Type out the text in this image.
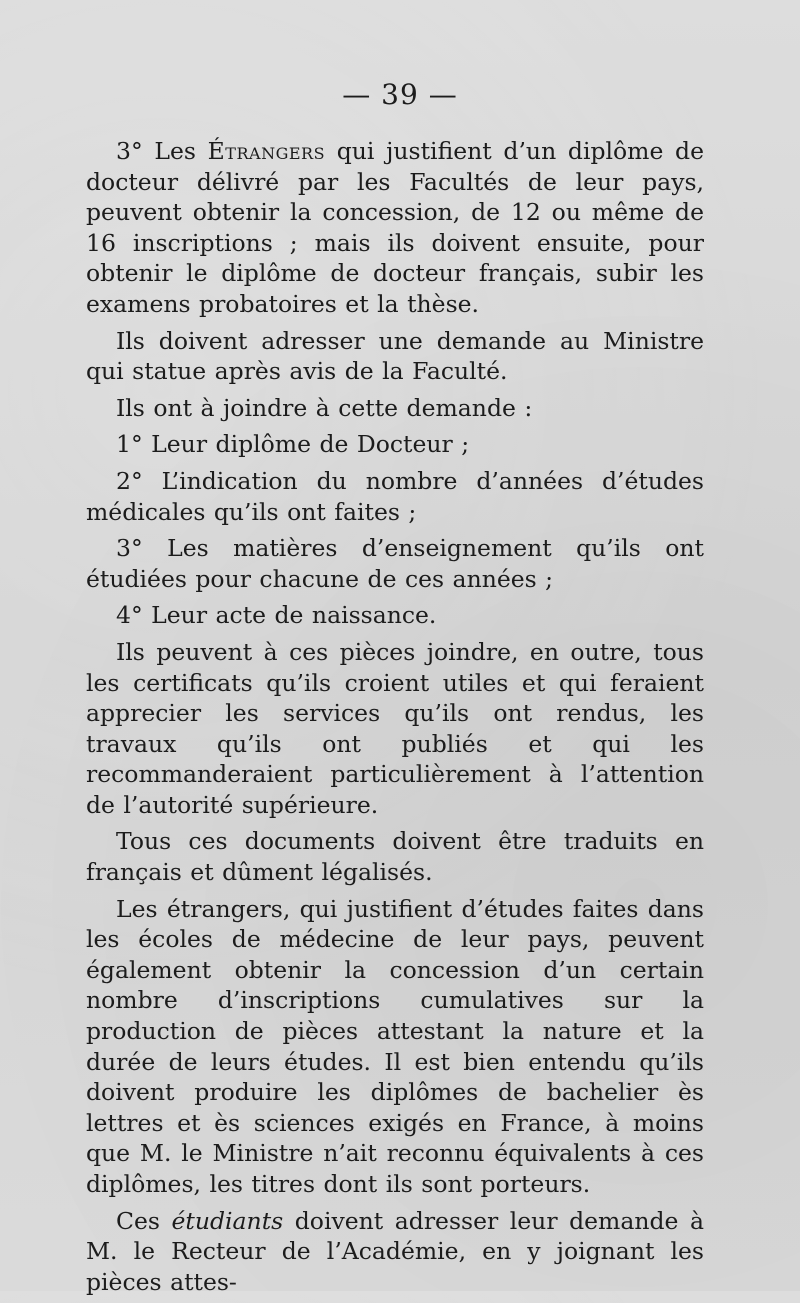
— 39 —

3° Les Étrangers qui justifient d’un diplôme de docteur délivré par les Facultés de leur pays, peuvent obtenir la concession, de 12 ou même de 16 inscriptions ; mais ils doivent ensuite, pour obtenir le diplôme de docteur français, subir les examens probatoires et la thèse.

Ils doivent adresser une demande au Ministre qui statue après avis de la Faculté.

Ils ont à joindre à cette demande :

1° Leur diplôme de Docteur ;

2° L’indication du nombre d’années d’études médicales qu’ils ont faites ;

3° Les matières d’enseignement qu’ils ont étudiées pour chacune de ces années ;

4° Leur acte de naissance.

Ils peuvent à ces pièces joindre, en outre, tous les certificats qu’ils croient utiles et qui feraient apprecier les services qu’ils ont rendus, les travaux qu’ils ont publiés et qui les recommanderaient particulièrement à l’attention de l’autorité supérieure.

Tous ces documents doivent être traduits en français et dûment légalisés.

Les étrangers, qui justifient d’études faites dans les écoles de médecine de leur pays, peuvent également obtenir la concession d’un certain nombre d’inscriptions cumulatives sur la production de pièces attestant la nature et la durée de leurs études. Il est bien entendu qu’ils doivent produire les diplômes de bachelier ès lettres et ès sciences exigés en France, à moins que M. le Ministre n’ait reconnu équivalents à ces diplômes, les titres dont ils sont porteurs.

Ces étudiants doivent adresser leur demande à M. le Recteur de l’Académie, en y joignant les pièces attes-
